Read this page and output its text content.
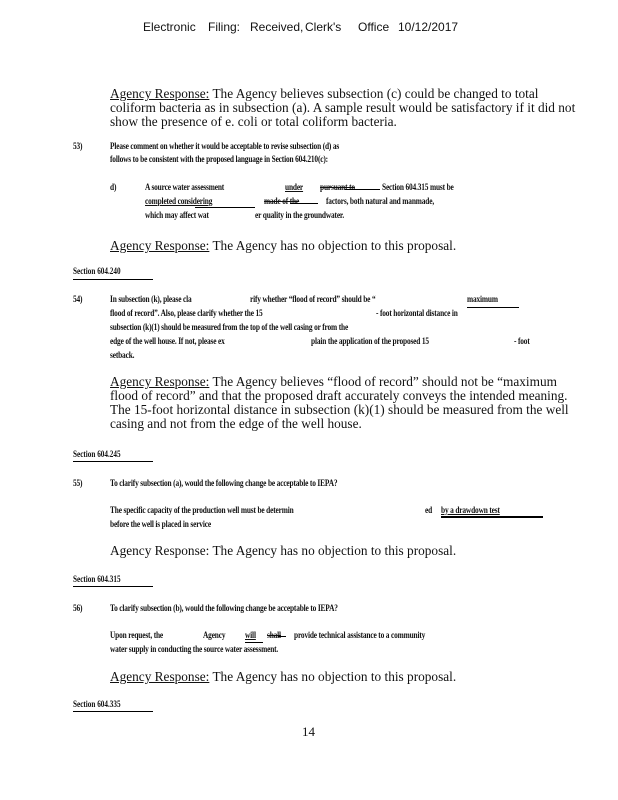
Electronic Filing: Received, Clerk's Office 10/12/2017
Agency Response: The Agency believes subsection (c) could be changed to total
coliform bacteria as in subsection (a). A sample result would be satisfactory if it did not
show the presence of e. coli or total coliform bacteria.
53)	Please comment on whether it would be acceptable to revise subsection (d) as
follows to be consistent with the proposed language in Section 604.210(c):
d)	A source water assessment	under pursuant to	Section 604.315 must be
completed considering	made of the	factors, both natural and manmade,
which may affect wat	er quality in the groundwater.
Agency Response: The Agency has no objection to this proposal.
Section 604.240
54)	In subsection (k), please cla	rify whether “flood of record” should be “	maximum
flood of record”. Also, please clarify whether the 15	- foot horizontal distance in
subsection (k)(1) should be measured from the top of the well casing or from the
edge of the well house. If not, please ex	plain the application of the proposed 15	- foot
setback.
Agency Response: The Agency believes “flood of record” should not be “maximum
flood of record” and that the proposed draft accurately conveys the intended meaning.
The 15-foot horizontal distance in subsection (k)(1) should be measured from the well
casing and not from the edge of the well house.
Section 604.245
55)	To clarify subsection (a), would the following change be acceptable to IEPA?
The specific capacity of the production well must be determin	ed by a drawdown test
before the well is placed in service
Agency Response: The Agency has no objection to this proposal.
Section 604.315
56)	To clarify subsection (b), would the following change be acceptable to IEPA?
Upon request, the	Agency will shall provide technical assistance to a community
water supply in conducting the source water assessment.
Agency Response: The Agency has no objection to this proposal.
Section 604.335
14
